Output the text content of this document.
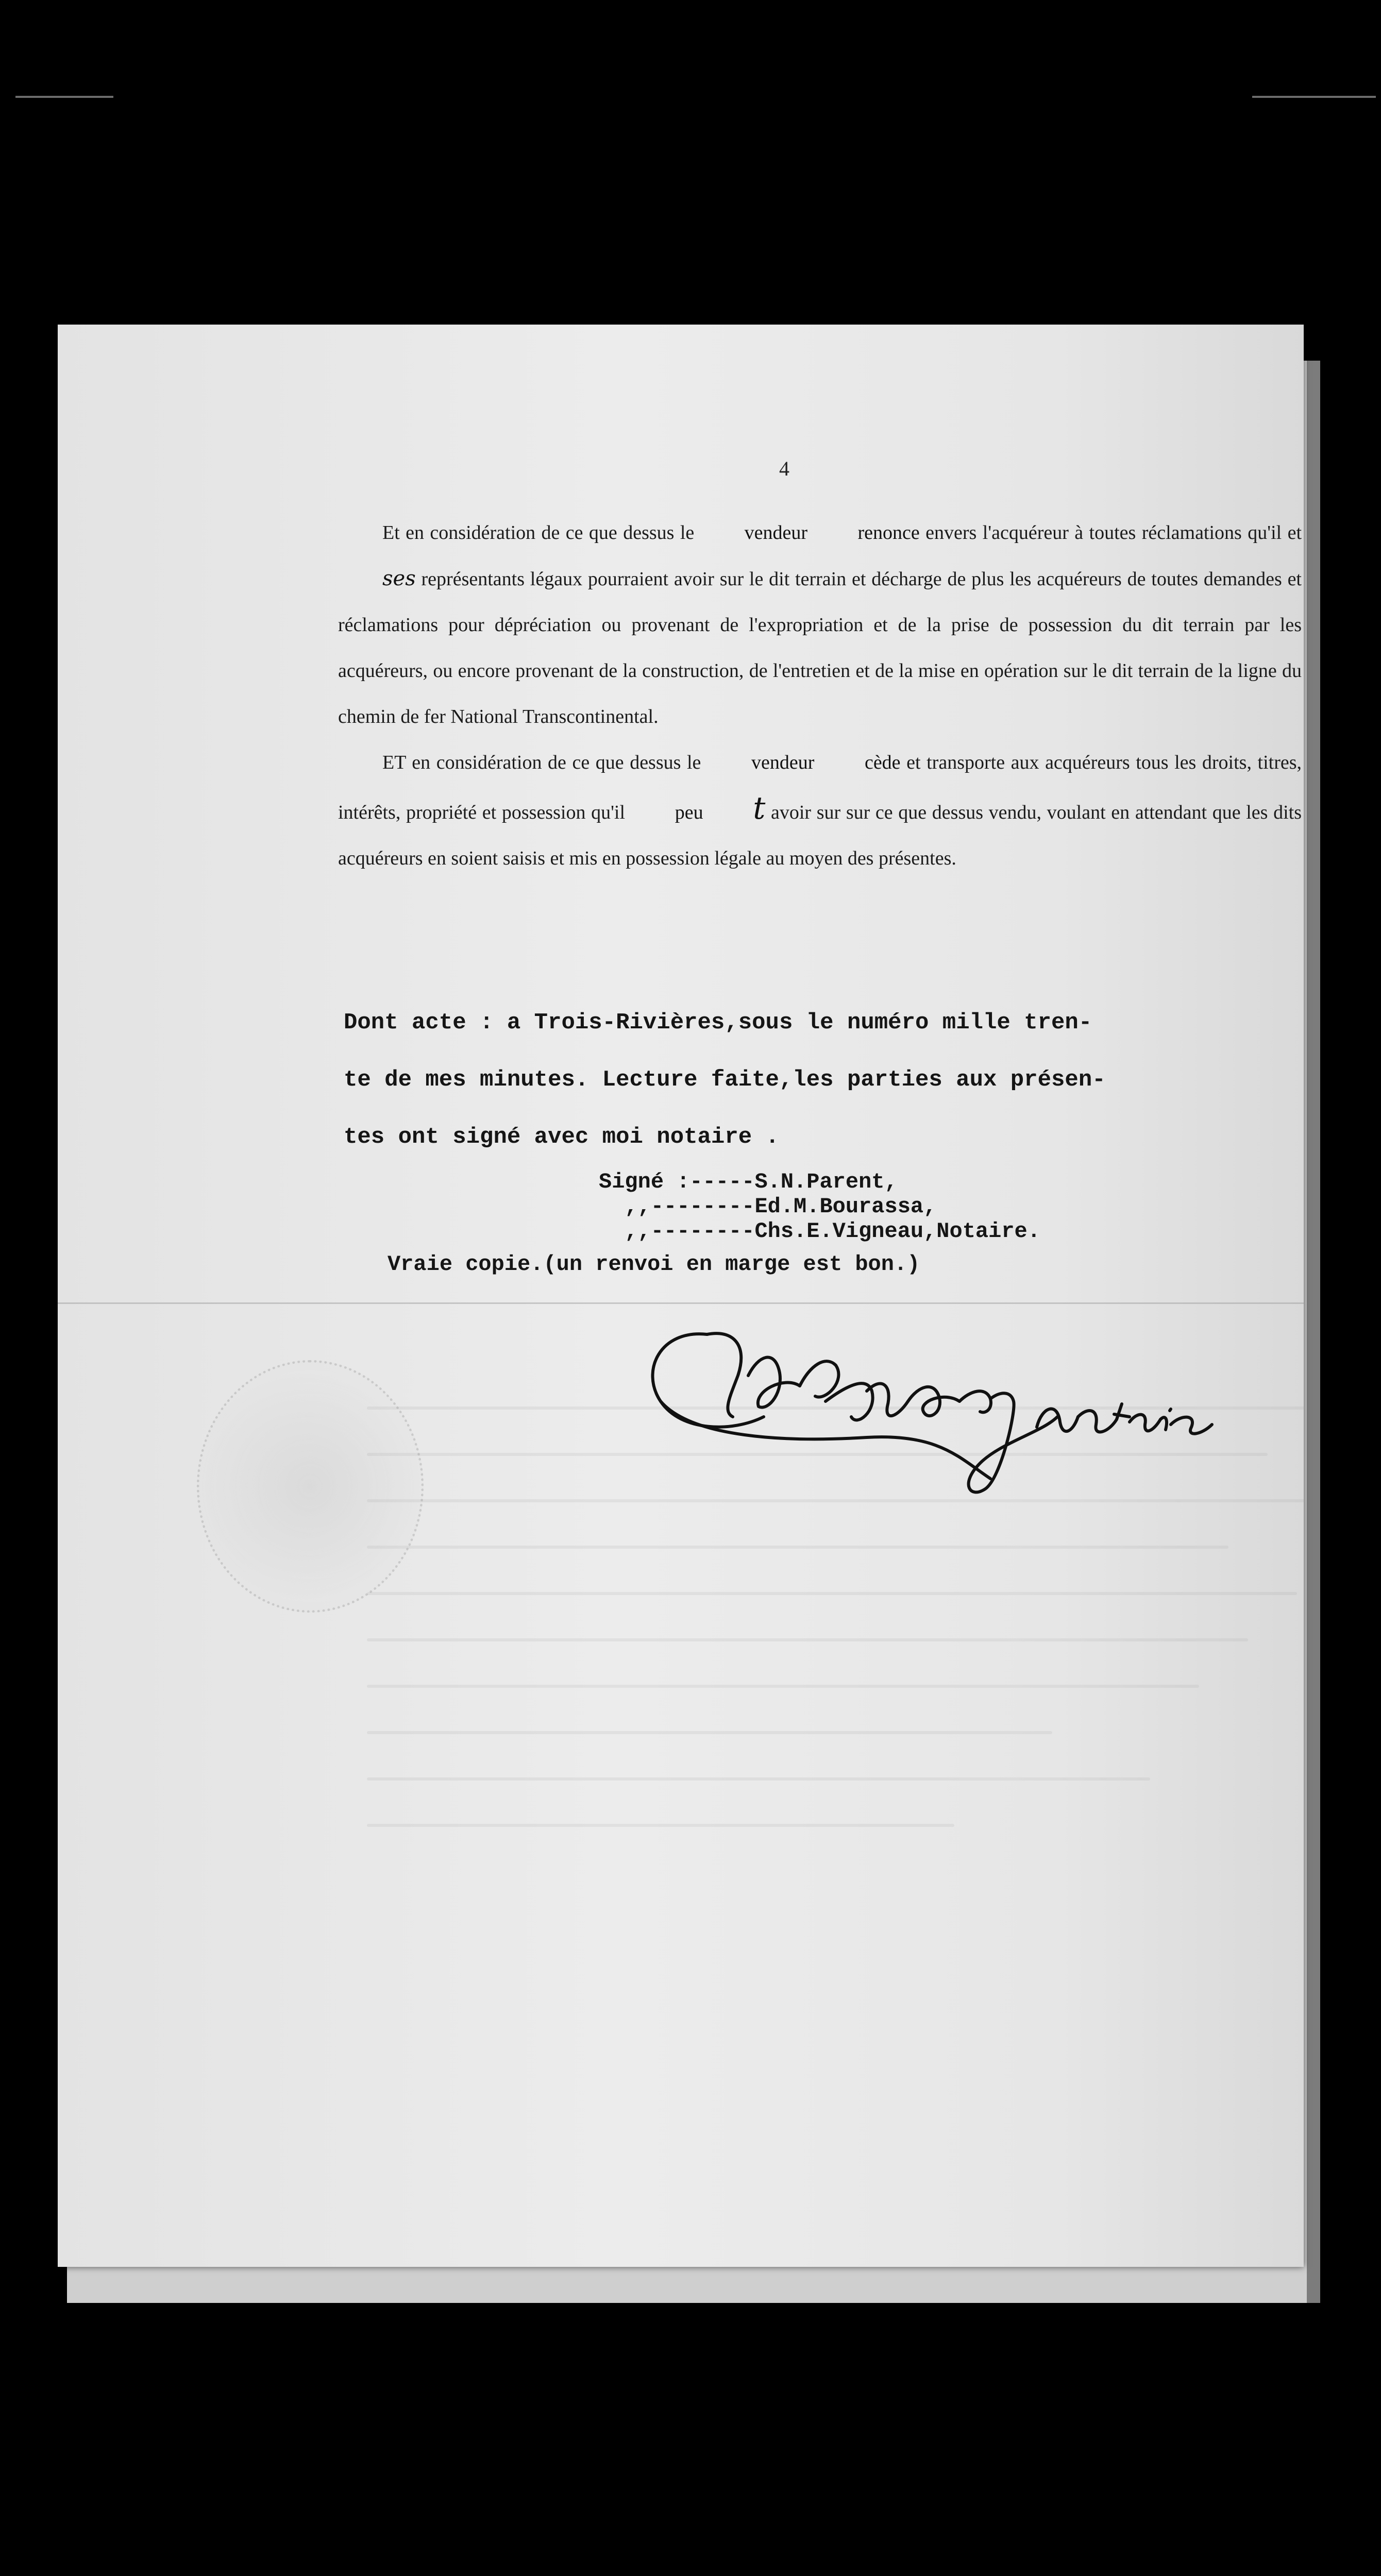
4

Et en considération de ce que dessus le vendeur	renonce envers l'acquéreur à toutes réclamations qu'il et ses représentants légaux pourraient avoir sur le dit terrain et décharge de plus les acquéreurs de toutes demandes et réclamations pour dépréciation ou provenant de l'expropriation et de la prise de possession du dit terrain par les acquéreurs, ou encore provenant de la construction, de l'entretien et de la mise en opération sur le dit terrain de la ligne du chemin de fer National Transcontinental.

ET en considération de ce que dessus le vendeur	cède et transporte aux acquéreurs tous les droits, titres, intérêts, propriété et possession qu'il peu t avoir sur sur ce que dessus vendu, voulant en attendant que les dits acquéreurs en soient saisis et mis en possession légale au moyen des présentes.

Dont acte : a Trois-Rivières,sous le numéro mille tren-
te de mes minutes. Lecture faite,les parties aux présen-
tes ont signé avec moi notaire .
Signé :-----S.N.Parent,
,,--------Ed.M.Bourassa,
,,--------Chs.E.Vigneau,Notaire.
Vraie copie.(un renvoi en marge est bon.)
